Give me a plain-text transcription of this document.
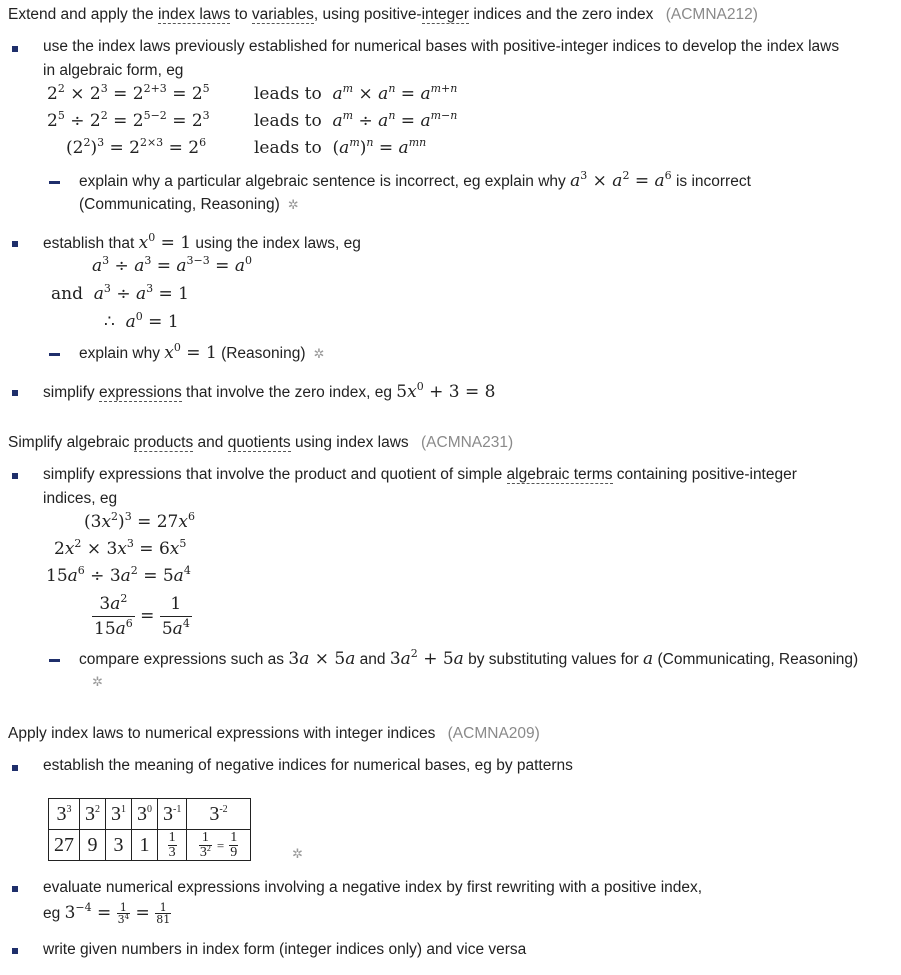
Extend and apply the index laws to variables, using positive-integer indices and the zero index (ACMNA212)
use the index laws previously established for numerical bases with positive-integer indices to develop the index laws
in algebraic form, eg
$2^2 \times 2^3 = 2^{2+3} = 2^5$	leads to $a^m \times a^n = a^{m+n}$
$2^5 \div 2^2 = 2^{5-2} = 2^3$	leads to $a^m \div a^n = a^{m-n}$
$(2^2)^3 = 2^{2\times 3} = 2^6$	leads to  $(a^m)^n = a^{mn}$
explain why a particular algebraic sentence is incorrect, eg explain why $a^3 \times a^2 = a^6$ is incorrect
(Communicating, Reasoning) ✲
establish that $x^0 = 1$ using the index laws, eg
$a^3 \div a^3 = a^{3-3} = a^0$
and $a^3 \div a^3 = 1$
∴  $a^0 = 1$
explain why $x^0 = 1$ (Reasoning) ✲
simplify expressions that involve the zero index, eg $5x^0 + 3 = 8$
Simplify algebraic products and quotients using index laws (ACMNA231)
simplify expressions that involve the product and quotient of simple algebraic terms containing positive-integer
indices, eg
$(3x^2)^3 = 27x^6$
$2x^2 \times 3x^3 = 6x^5$
$15a^6 \div 3a^2 = 5a^4$
$\frac{3a^2}{15a^6} = \frac{1}{5a^4}$
compare expressions such as 3a × 5a and $3a^2 + 5a$ by substituting values for a (Communicating, Reasoning)
✲
Apply index laws to numerical expressions with integer indices (ACMNA209)
establish the meaning of negative indices for numerical bases, eg by patterns
$3^3$	$3^2$	$3^1$	$3^0$	$3^{-1}$	$3^{-2}$
27	9	3	1	$\frac{1}{3}$	$\frac{1}{3^2} = \frac{1}{9}$	✲
evaluate numerical expressions involving a negative index by first rewriting with a positive index,
eg $3^{-4} = \frac{1}{3^4} = \frac{1}{81}$
write given numbers in index form (integer indices only) and vice versa
